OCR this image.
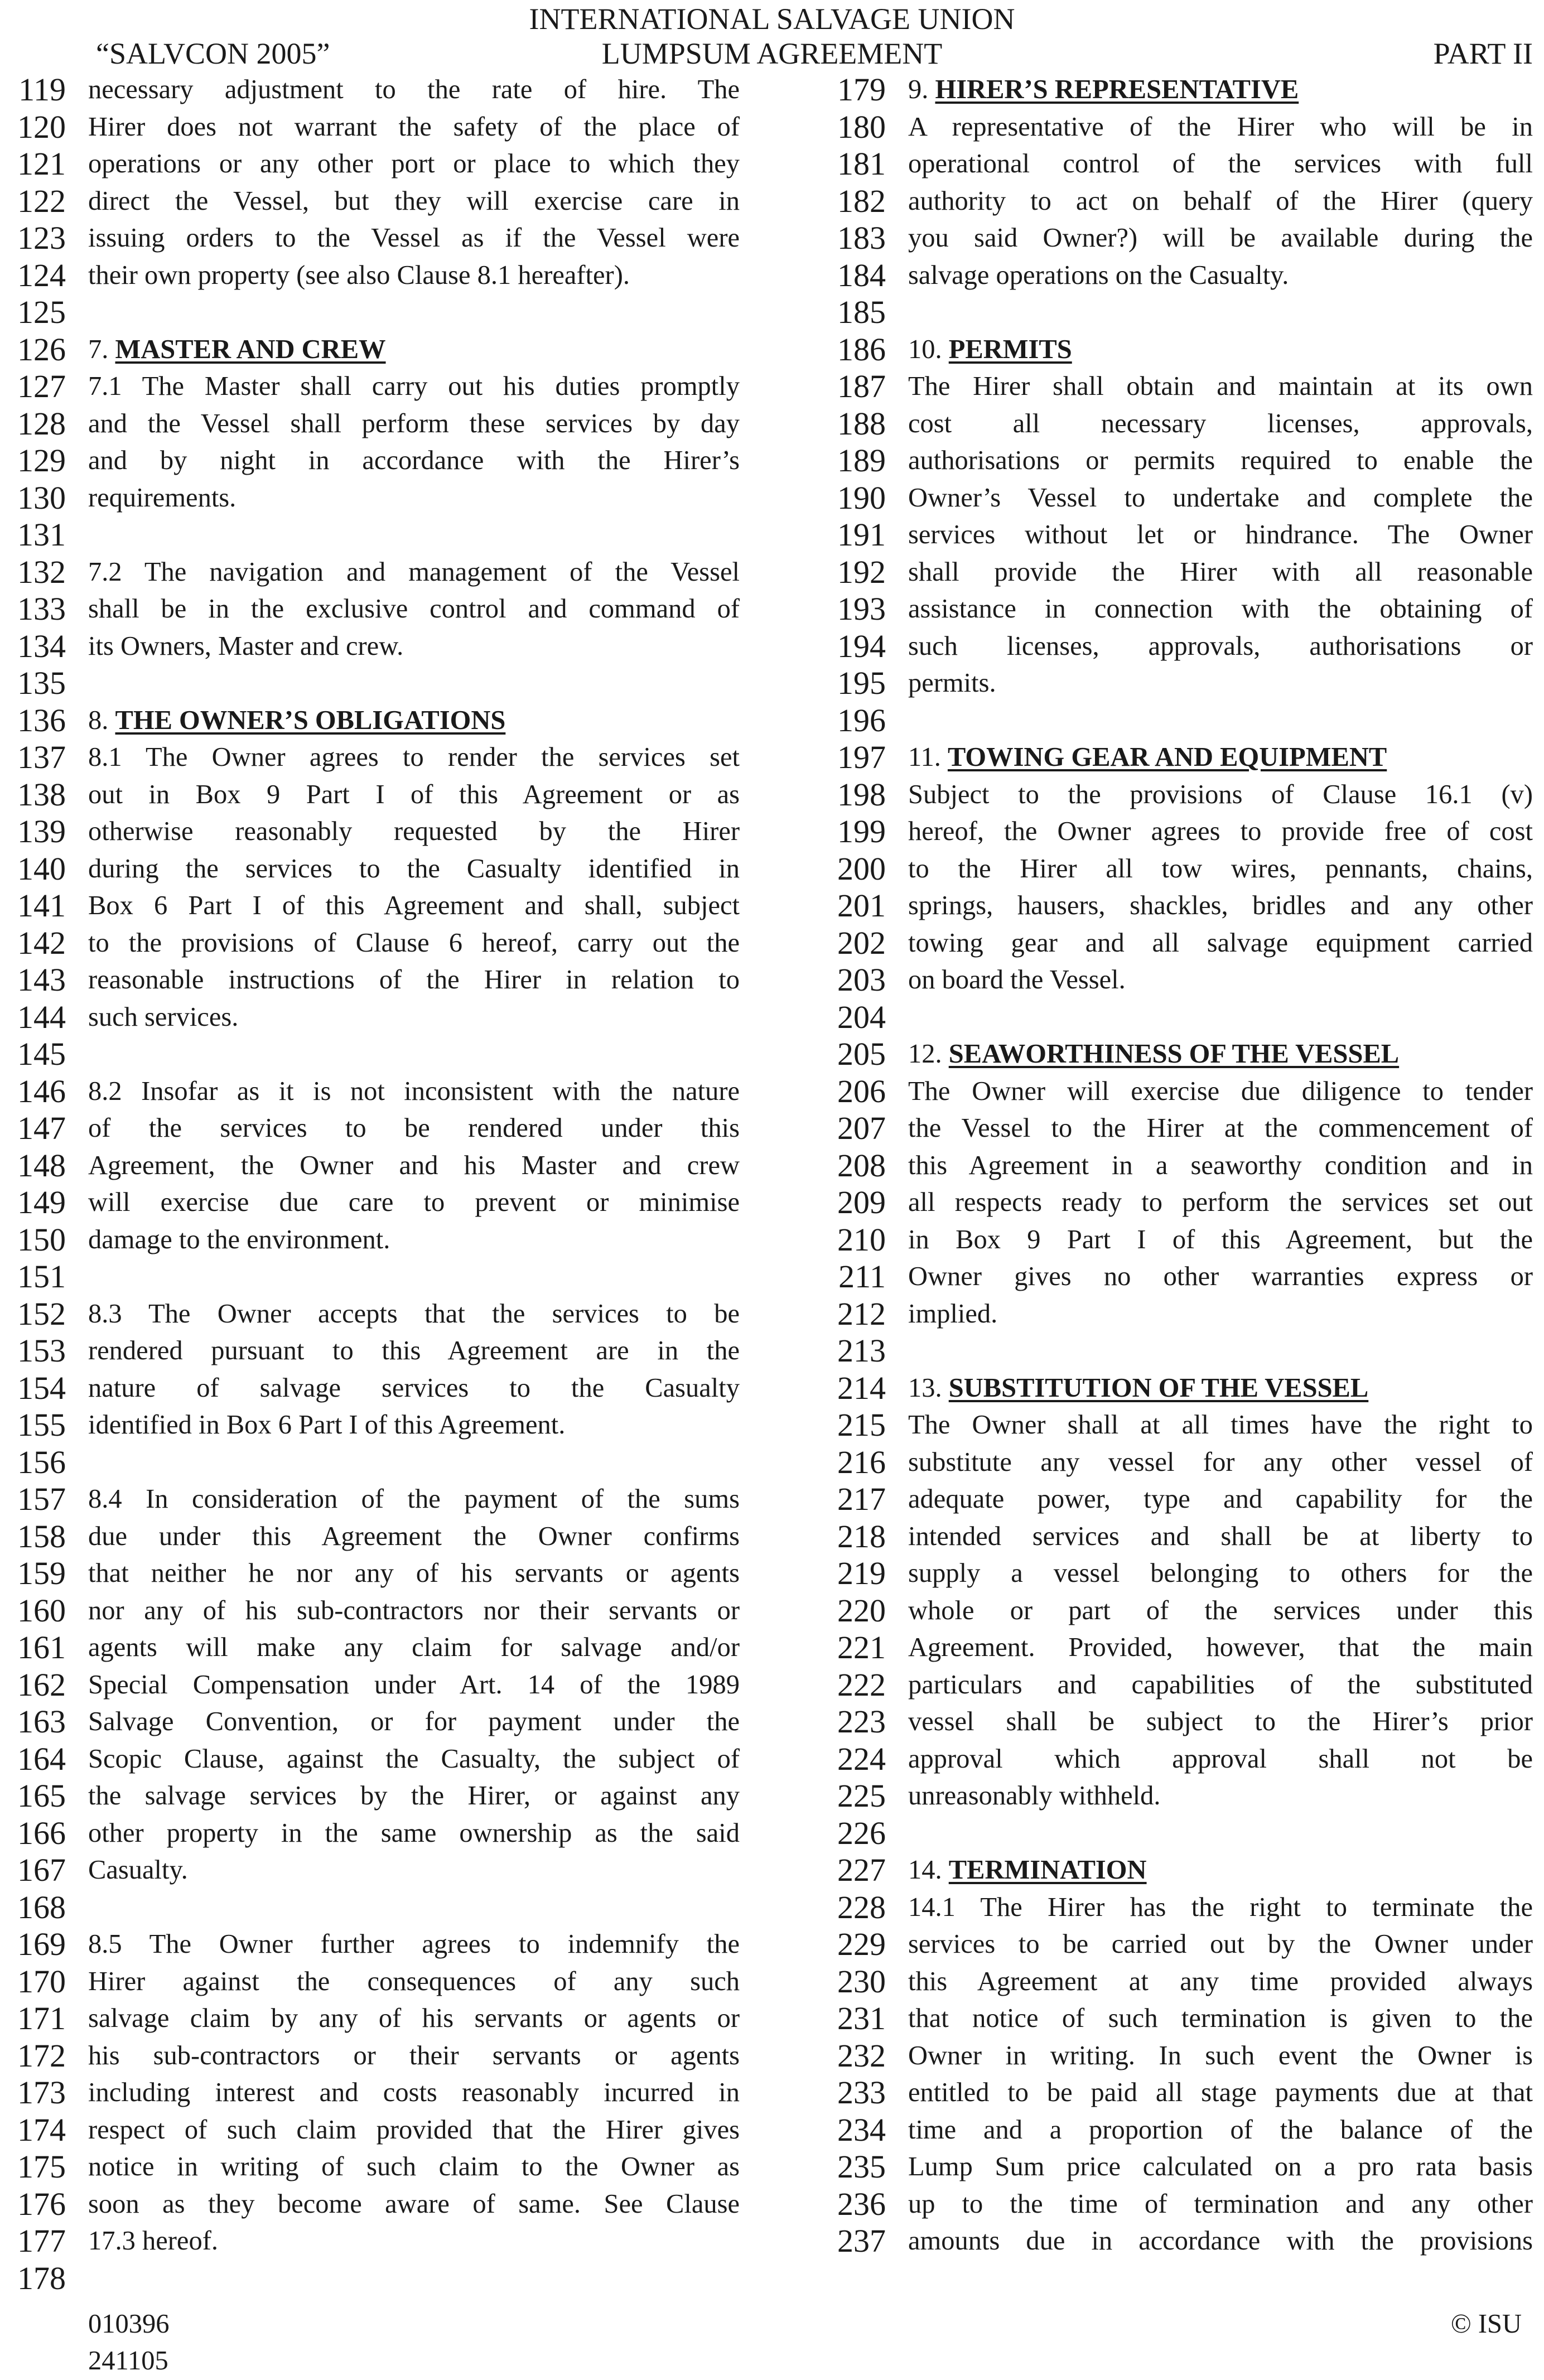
INTERNATIONAL SALVAGE UNION
“SALVCON 2005”	LUMPSUM AGREEMENT	PART II
119 necessary adjustment to the rate of hire. The
120 Hirer does not warrant the safety of the place of
121 operations or any other port or place to which they
122 direct the Vessel, but they will exercise care in
123 issuing orders to the Vessel as if the Vessel were
124 their own property (see also Clause 8.1 hereafter).
125
126 7. MASTER AND CREW
127 7.1 The Master shall carry out his duties promptly
128 and the Vessel shall perform these services by day
129 and by night in accordance with the Hirer’s
130 requirements.
131
132 7.2 The navigation and management of the Vessel
133 shall be in the exclusive control and command of
134 its Owners, Master and crew.
135
136 8. THE OWNER’S OBLIGATIONS
137 8.1 The Owner agrees to render the services set
138 out in Box 9 Part I of this Agreement or as
139 otherwise reasonably requested by the Hirer
140 during the services to the Casualty identified in
141 Box 6 Part I of this Agreement and shall, subject
142 to the provisions of Clause 6 hereof, carry out the
143 reasonable instructions of the Hirer in relation to
144 such services.
145
146 8.2 Insofar as it is not inconsistent with the nature
147 of the services to be rendered under this
148 Agreement, the Owner and his Master and crew
149 will exercise due care to prevent or minimise
150 damage to the environment.
151
152 8.3 The Owner accepts that the services to be
153 rendered pursuant to this Agreement are in the
154 nature of salvage services to the Casualty
155 identified in Box 6 Part I of this Agreement.
156
157 8.4 In consideration of the payment of the sums
158 due under this Agreement the Owner confirms
159 that neither he nor any of his servants or agents
160 nor any of his sub-contractors nor their servants or
161 agents will make any claim for salvage and/or
162 Special Compensation under Art. 14 of the 1989
163 Salvage Convention, or for payment under the
164 Scopic Clause, against the Casualty, the subject of
165 the salvage services by the Hirer, or against any
166 other property in the same ownership as the said
167 Casualty.
168
169 8.5 The Owner further agrees to indemnify the
170 Hirer against the consequences of any such
171 salvage claim by any of his servants or agents or
172 his sub-contractors or their servants or agents
173 including interest and costs reasonably incurred in
174 respect of such claim provided that the Hirer gives
175 notice in writing of such claim to the Owner as
176 soon as they become aware of same. See Clause
177 17.3 hereof.
178
179 9. HIRER’S REPRESENTATIVE
180 A representative of the Hirer who will be in
181 operational control of the services with full
182 authority to act on behalf of the Hirer (query
183 you said Owner?) will be available during the
184 salvage operations on the Casualty.
185
186 10. PERMITS
187 The Hirer shall obtain and maintain at its own
188 cost all necessary licenses, approvals,
189 authorisations or permits required to enable the
190 Owner’s Vessel to undertake and complete the
191 services without let or hindrance. The Owner
192 shall provide the Hirer with all reasonable
193 assistance in connection with the obtaining of
194 such licenses, approvals, authorisations or
195 permits.
196
197 11. TOWING GEAR AND EQUIPMENT
198 Subject to the provisions of Clause 16.1 (v)
199 hereof, the Owner agrees to provide free of cost
200 to the Hirer all tow wires, pennants, chains,
201 springs, hausers, shackles, bridles and any other
202 towing gear and all salvage equipment carried
203 on board the Vessel.
204
205 12. SEAWORTHINESS OF THE VESSEL
206 The Owner will exercise due diligence to tender
207 the Vessel to the Hirer at the commencement of
208 this Agreement in a seaworthy condition and in
209 all respects ready to perform the services set out
210 in Box 9 Part I of this Agreement, but the
211 Owner gives no other warranties express or
212 implied.
213
214 13. SUBSTITUTION OF THE VESSEL
215 The Owner shall at all times have the right to
216 substitute any vessel for any other vessel of
217 adequate power, type and capability for the
218 intended services and shall be at liberty to
219 supply a vessel belonging to others for the
220 whole or part of the services under this
221 Agreement. Provided, however, that the main
222 particulars and capabilities of the substituted
223 vessel shall be subject to the Hirer’s prior
224 approval which approval shall not be
225 unreasonably withheld.
226
227 14. TERMINATION
228 14.1 The Hirer has the right to terminate the
229 services to be carried out by the Owner under
230 this Agreement at any time provided always
231 that notice of such termination is given to the
232 Owner in writing. In such event the Owner is
233 entitled to be paid all stage payments due at that
234 time and a proportion of the balance of the
235 Lump Sum price calculated on a pro rata basis
236 up to the time of termination and any other
237 amounts due in accordance with the provisions
010396
241105
© ISU
